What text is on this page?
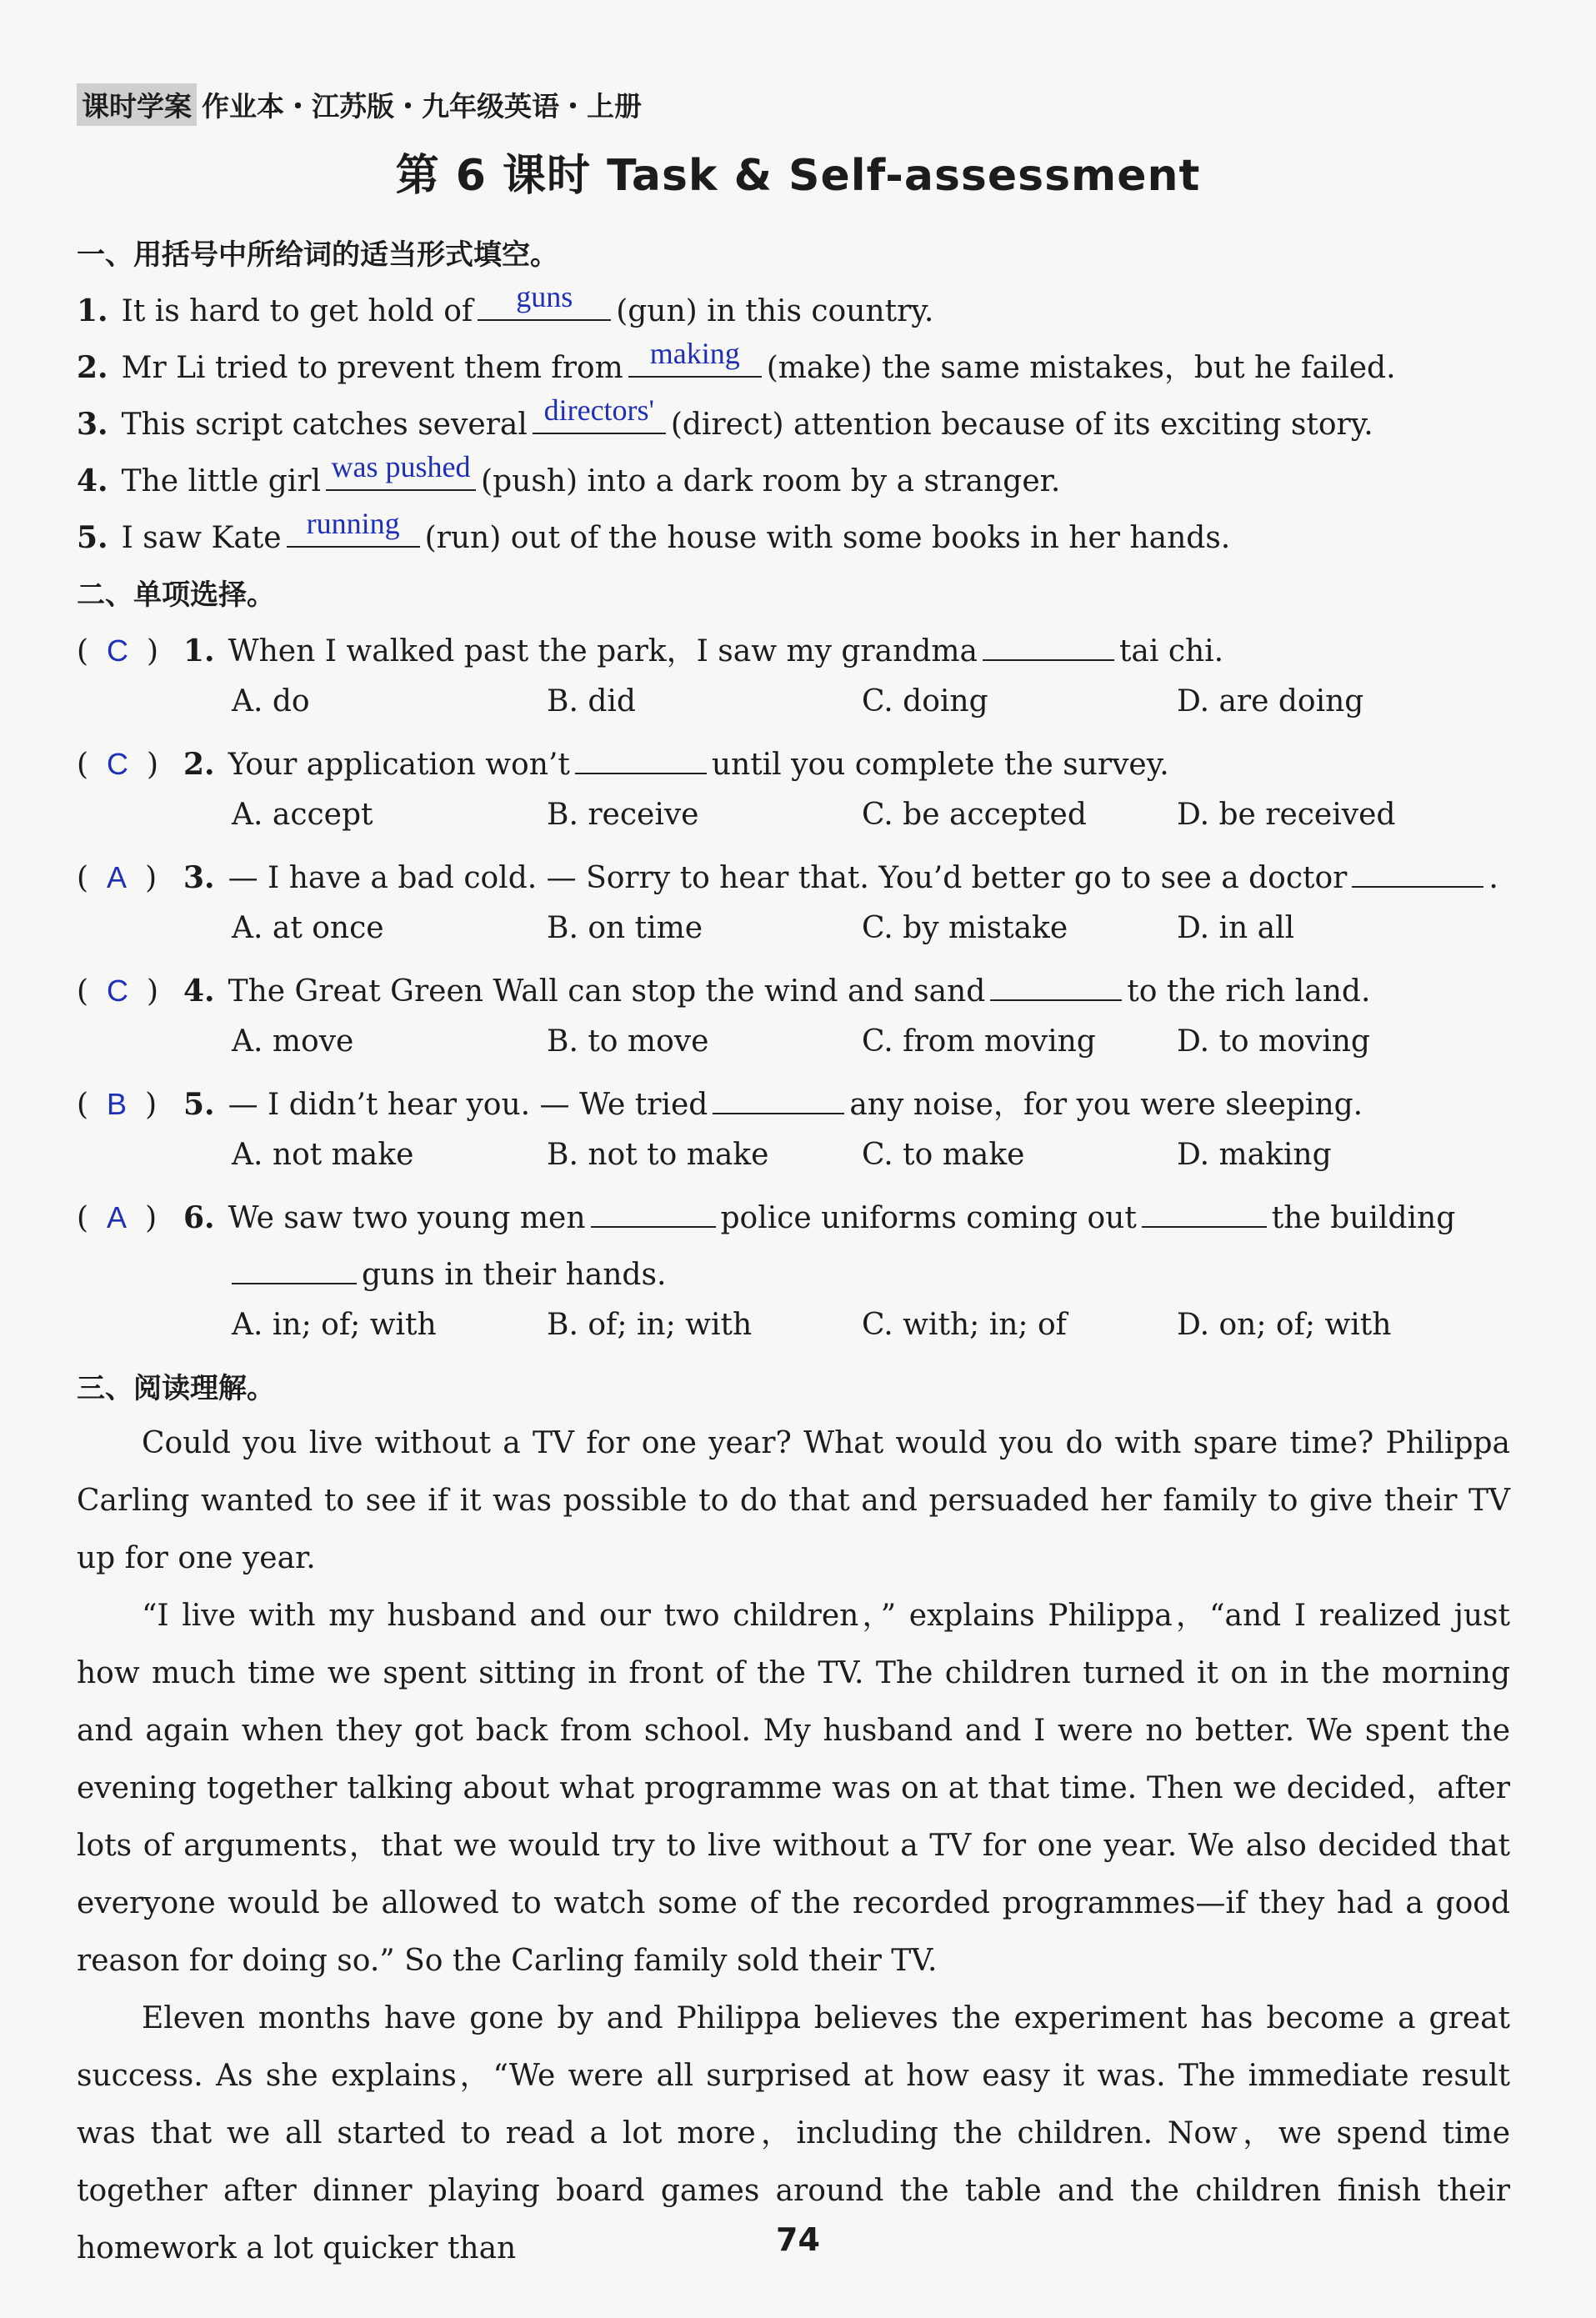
课时学案 作业本・江苏版・九年级英语・上册
第 6 课时 Task & Self-assessment
一、用括号中所给词的适当形式填空。
1. It is hard to get hold of	guns	(gun) in this country.
2. Mr Li tried to prevent them from making (make) the same mistakes，but he failed.
3. This script catches several directors' (direct) attention because of its exciting story.
4. The little girl was pushed (push) into a dark room by a stranger.
5. I saw Kate running (run) out of the house with some books in her hands.
二、单项选择。
( C ) 1. When I walked past the park，I saw my grandma	tai chi.
A. do	B. did	C. doing	D. are doing
( C ) 2. Your application won’t	until you complete the survey.
A. accept	B. receive	C. be accepted	D. be received
( A ) 3. — I have a bad cold. — Sorry to hear that. You’d better go to see a doctor	.
A. at once	B. on time	C. by mistake	D. in all
( C ) 4. The Great Green Wall can stop the wind and sand	to the rich land.
A. move	B. to move	C. from moving	D. to moving
( B ) 5. — I didn’t hear you. — We tried	any noise，for you were sleeping.
A. not make	B. not to make	C. to make	D. making
( A ) 6. We saw two young men	police uniforms coming out	the building
guns in their hands.
A. in; of; with	B. of; in; with	C. with; in; of	D. on; of; with
三、阅读理解。

Could you live without a TV for one year? What would you do with spare time? Philippa Carling wanted to see if it was possible to do that and persuaded her family to give their TV up for one year.

“I live with my husband and our two children，” explains Philippa，“and I realized just how much time we spent sitting in front of the TV. The children turned it on in the morning and again when they got back from school. My husband and I were no better. We spent the evening together talking about what programme was on at that time. Then we decided，after lots of arguments，that we would try to live without a TV for one year. We also decided that everyone would be allowed to watch some of the recorded programmes—if they had a good reason for doing so.” So the Carling family sold their TV.

Eleven months have gone by and Philippa believes the experiment has become a great success. As she explains，“We were all surprised at how easy it was. The immediate result was that we all started to read a lot more，including the children. Now，we spend time together after dinner playing board games around the table and the children finish their homework a lot quicker than	74
